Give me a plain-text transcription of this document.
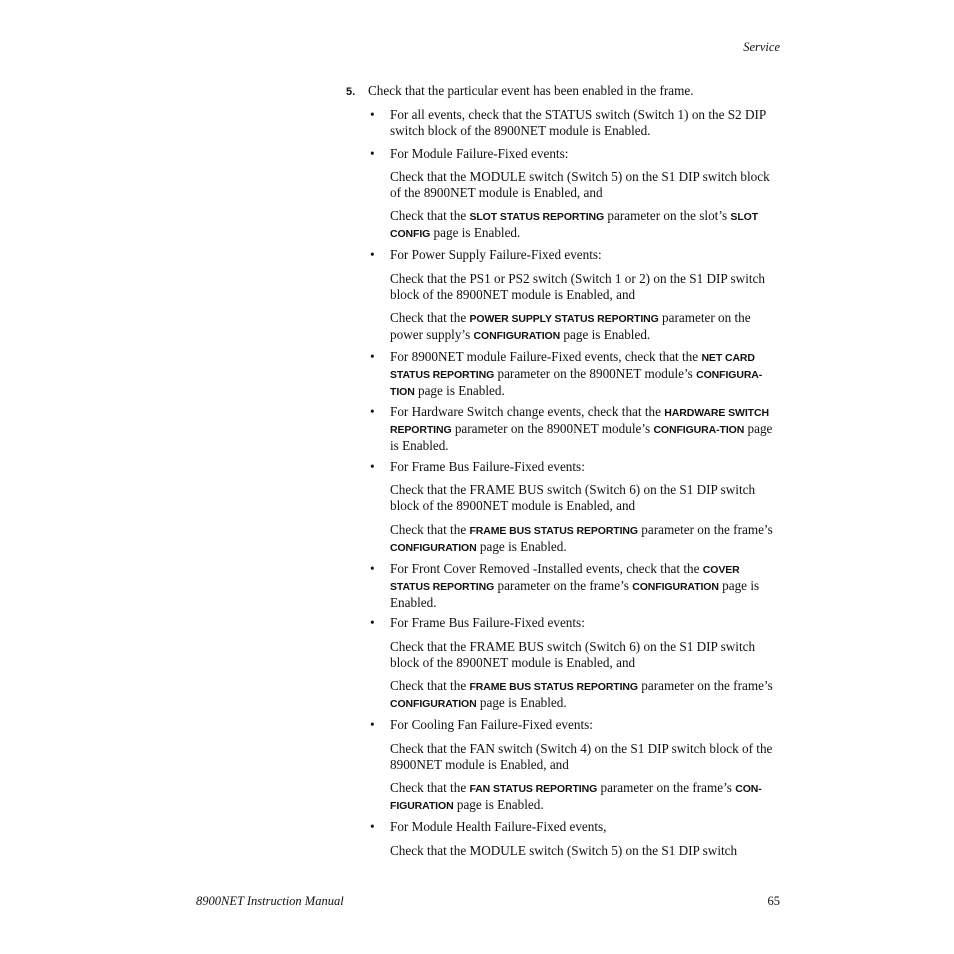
Service
5. Check that the particular event has been enabled in the frame.
• For all events, check that the STATUS switch (Switch 1) on the S2 DIP switch block of the 8900NET module is Enabled.
• For Module Failure-Fixed events:
Check that the MODULE switch (Switch 5) on the S1 DIP switch block of the 8900NET module is Enabled, and
Check that the SLOT STATUS REPORTING parameter on the slot’s SLOT CONFIG page is Enabled.
• For Power Supply Failure-Fixed events:
Check that the PS1 or PS2 switch (Switch 1 or 2) on the S1 DIP switch block of the 8900NET module is Enabled, and
Check that the POWER SUPPLY STATUS REPORTING parameter on the power supply’s CONFIGURATION page is Enabled.
• For 8900NET module Failure-Fixed events, check that the NET CARD STATUS REPORTING parameter on the 8900NET module’s CONFIGURA-TION page is Enabled.
• For Hardware Switch change events, check that the HARDWARE SWITCH REPORTING parameter on the 8900NET module’s CONFIGURA-TION page is Enabled.
• For Frame Bus Failure-Fixed events:
Check that the FRAME BUS switch (Switch 6) on the S1 DIP switch block of the 8900NET module is Enabled, and
Check that the FRAME BUS STATUS REPORTING parameter on the frame’s CONFIGURATION page is Enabled.
• For Front Cover Removed -Installed events, check that the COVER STATUS REPORTING parameter on the frame’s CONFIGURATION page is Enabled.
• For Frame Bus Failure-Fixed events:
Check that the FRAME BUS switch (Switch 6) on the S1 DIP switch block of the 8900NET module is Enabled, and
Check that the FRAME BUS STATUS REPORTING parameter on the frame’s CONFIGURATION page is Enabled.
• For Cooling Fan Failure-Fixed events:
Check that the FAN switch (Switch 4) on the S1 DIP switch block of the 8900NET module is Enabled, and
Check that the FAN STATUS REPORTING parameter on the frame’s CON-FIGURATION page is Enabled.
• For Module Health Failure-Fixed events,
Check that the MODULE switch (Switch 5) on the S1 DIP switch
8900NET Instruction Manual	65
